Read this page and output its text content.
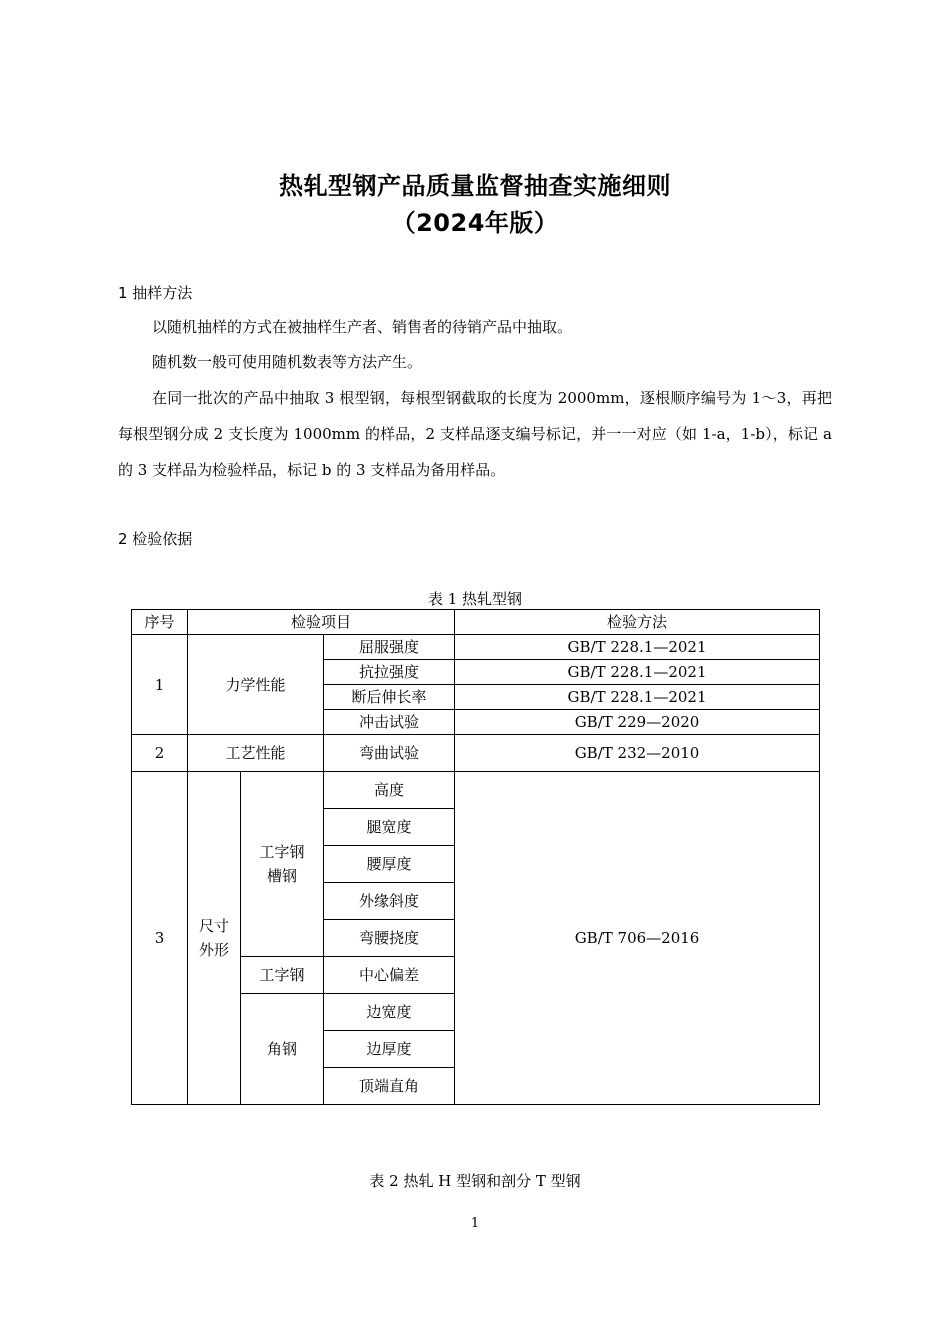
热轧型钢产品质量监督抽查实施细则
（2024年版）
1 抽样方法
以随机抽样的方式在被抽样生产者、销售者的待销产品中抽取。
随机数一般可使用随机数表等方法产生。
在同一批次的产品中抽取 3 根型钢，每根型钢截取的长度为 2000mm，逐根顺序编号为 1～3，再把每根型钢分成 2 支长度为 1000mm 的样品，2 支样品逐支编号标记，并一一对应（如 1-a，1-b），标记 a 的 3 支样品为检验样品，标记 b 的 3 支样品为备用样品。
2 检验依据
表 1 热轧型钢
序号	检验项目			检验方法
1	力学性能		屈服强度	GB/T 228.1—2021
			抗拉强度	GB/T 228.1—2021
			断后伸长率	GB/T 228.1—2021
			冲击试验	GB/T 229—2020
2	工艺性能		弯曲试验	GB/T 232—2010
3	尺寸外形	工字钢槽钢	高度	GB/T 706—2016
			腿宽度	
			腰厚度	
			外缘斜度	
			弯腰挠度	
		工字钢	中心偏差	
		角钢	边宽度	
			边厚度	
			顶端直角	
表 2 热轧 H 型钢和剖分 T 型钢
1
